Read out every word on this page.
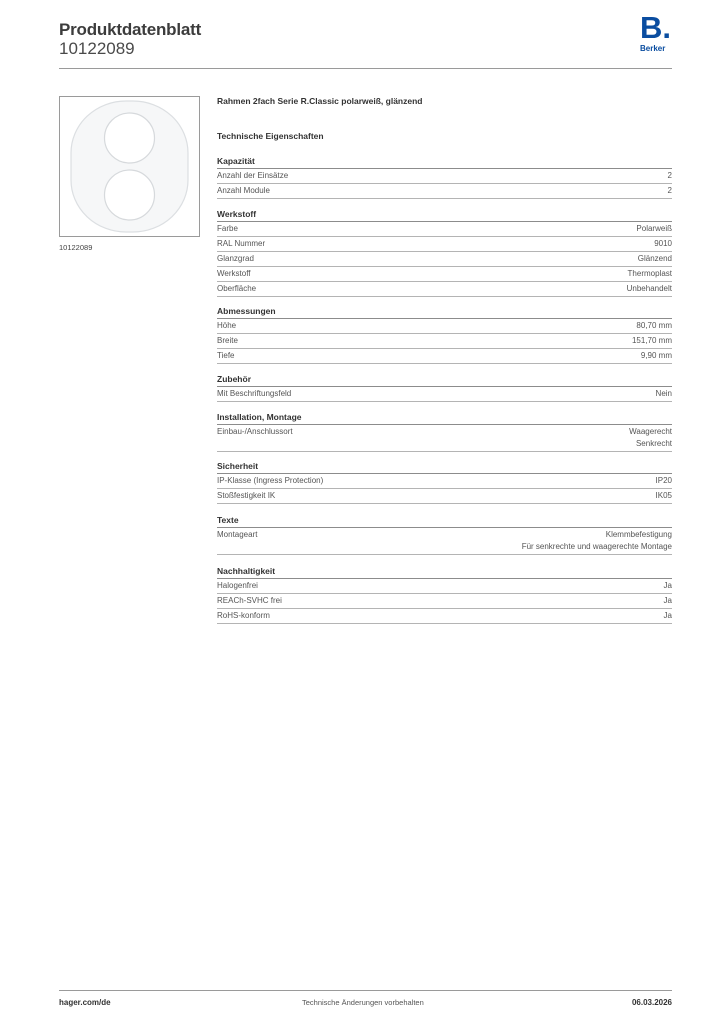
Produktdatenblatt
10122089
B.
Berker
10122089
Rahmen 2fach Serie R.Classic polarweiß, glänzend
Technische Eigenschaften
Kapazität
Anzahl der Einsätze	2
Anzahl Module	2
Werkstoff
Farbe	Polarweiß
RAL Nummer	9010
Glanzgrad	Glänzend
Werkstoff	Thermoplast
Oberfläche	Unbehandelt
Abmessungen
Höhe	80,70 mm
Breite	151,70 mm
Tiefe	9,90 mm
Zubehör
Mit Beschriftungsfeld	Nein
Installation, Montage
Einbau-/Anschlussort	Waagerecht
Senkrecht
Sicherheit
IP-Klasse (Ingress Protection)	IP20
Stoßfestigkeit IK	IK05
Texte
Montageart	Klemmbefestigung
Für senkrechte und waagerechte Montage
Nachhaltigkeit
Halogenfrei	Ja
REACh-SVHC frei	Ja
RoHS-konform	Ja
hager.com/de	Technische Änderungen vorbehalten	06.03.2026
